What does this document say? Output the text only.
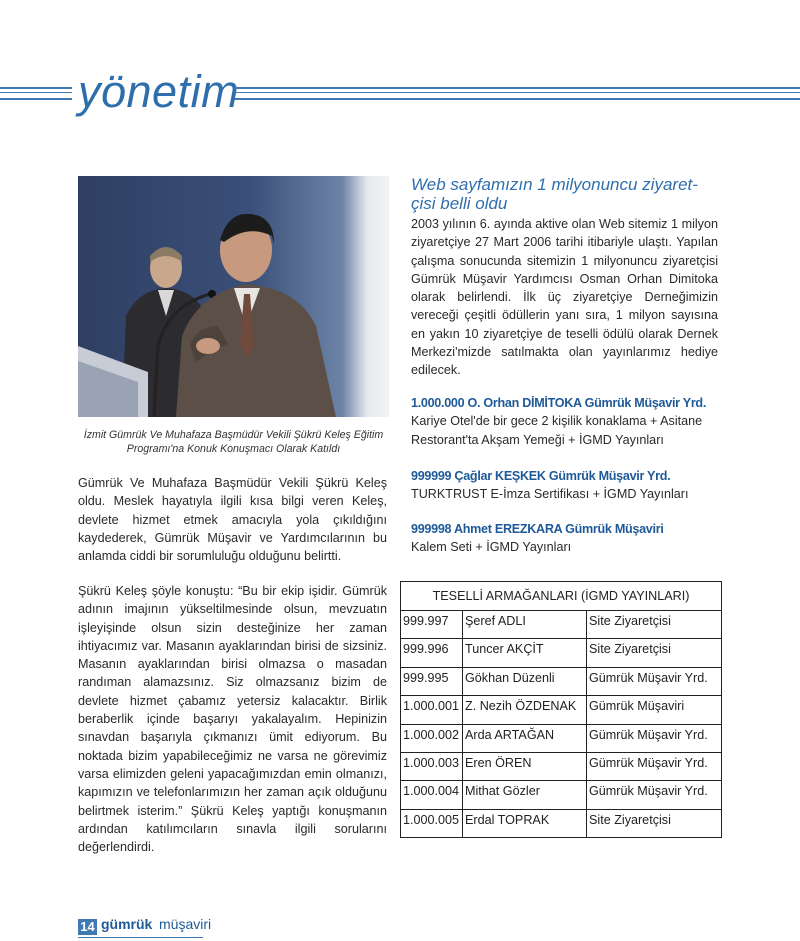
yönetim
İzmit Gümrük Ve Muhafaza Başmüdür Vekili Şükrü Keleş Eğitim
Programı'na Konuk Konuşmacı Olarak Katıldı
Gümrük Ve Muhafaza Başmüdür Vekili Şükrü Keleş oldu. Meslek hayatıyla ilgili kısa bilgi veren Keleş, devlete hizmet etmek amacıyla yola çıkıldığını kaydederek, Gümrük Müşavir ve Yardımcılarının bu anlamda ciddi bir sorumluluğu olduğunu belirtti.
Şükrü Keleş şöyle konuştu: “Bu bir ekip işidir. Gümrük adının imajının yükseltilmesinde olsun, mevzuatın işleyişinde olsun sizin desteğinize her zaman ihtiyacımız var. Masanın ayaklarından birisi de sizsiniz. Masanın ayaklarından birisi olmazsa o masadan randıman alamazsınız. Siz olmazsanız bizim de devlete hizmet çabamız yetersiz kalacaktır. Birlik beraberlik içinde başarıyı yakalayalım. Hepinizin sınavdan başarıyla çıkmanızı ümit ediyorum. Bu noktada bizim yapabileceğimiz ne varsa ne görevimiz varsa elimizden geleni yapacağımızdan emin olmanızı, kapımızın ve telefonlarımızın her zaman açık olduğunu belirtmek isterim.” Şükrü Keleş yaptığı konuşmanın ardından katılımcıların sınavla ilgili sorularını değerlendirdi.
Web sayfamızın 1 milyonuncu ziyaret-
çisi belli oldu
2003 yılının 6. ayında aktive olan Web sitemiz 1 milyon ziyaretçiye 27 Mart 2006 tarihi itibariyle ulaştı. Yapılan çalışma sonucunda sitemizin 1 milyonuncu ziyaretçisi Gümrük Müşavir Yardımcısı Osman Orhan Dimitoka olarak belirlendi. İlk üç ziyaretçiye Derneğimizin vereceği çeşitli ödüllerin yanı sıra, 1 milyon sayısına en yakın 10 ziyaretçiye de teselli ödülü olarak Dernek Merkezi'mizde satılmakta olan yayınlarımız hediye edilecek.
1.000.000 O. Orhan DİMİTOKA Gümrük Müşavir Yrd.
Kariye Otel'de bir gece 2 kişilik konaklama + Asitane
Restorant'ta Akşam Yemeği + İGMD Yayınları
999999 Çağlar KEŞKEK Gümrük Müşavir Yrd.
TURKTRUST E-İmza Sertifikası + İGMD Yayınları
999998 Ahmet EREZKARA Gümrük Müşaviri
Kalem Seti + İGMD Yayınları
TESELLİ ARMAĞANLARI (İGMD YAYINLARI)		
999.997	Şeref ADLI	Site Ziyaretçisi
999.996	Tuncer AKÇİT	Site Ziyaretçisi
999.995	Gökhan Düzenli	Gümrük Müşavir Yrd.
1.000.001	Z. Nezih ÖZDENAK	Gümrük Müşaviri
1.000.002	Arda ARTAĞAN	Gümrük Müşavir Yrd.
1.000.003	Eren ÖREN	Gümrük Müşavir Yrd.
1.000.004	Mithat Gözler	Gümrük Müşavir Yrd.
1.000.005	Erdal TOPRAK	Site Ziyaretçisi
14 gümrük müşaviri
